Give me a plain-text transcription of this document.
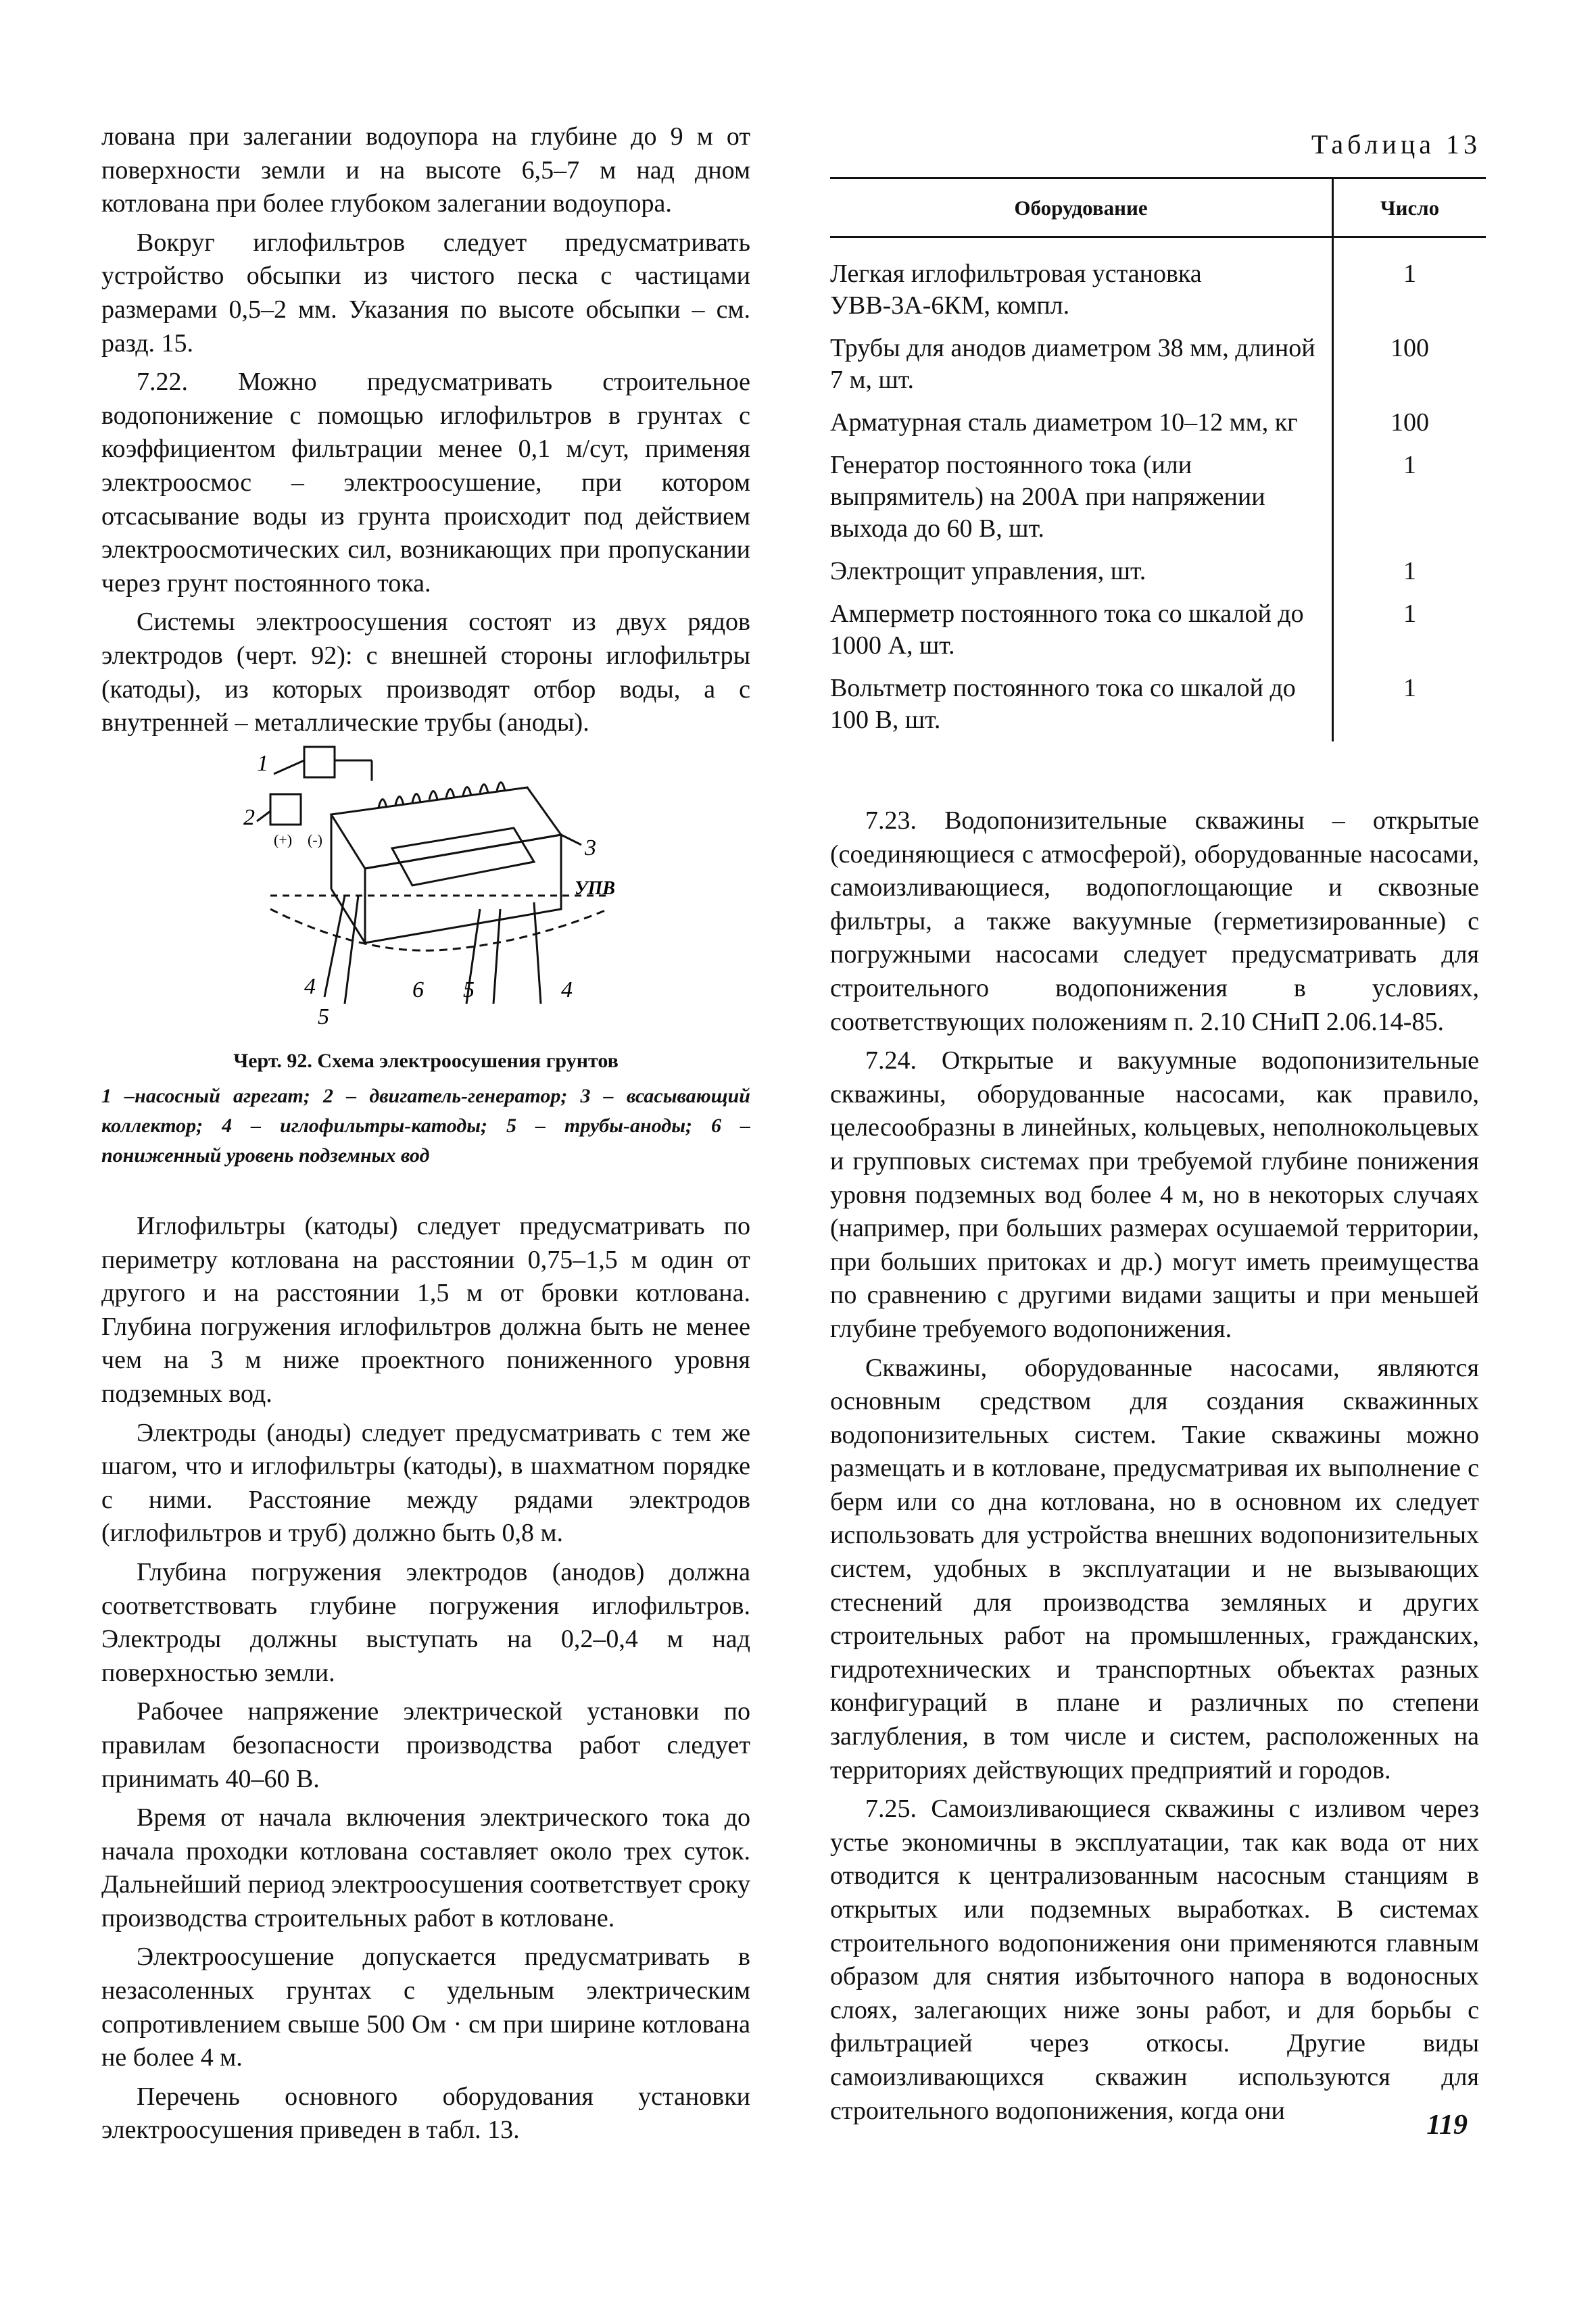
лована при залегании водоупора на глубине до 9 м от поверхности земли и на высоте 6,5–7 м над дном котлована при более глубоком залегании водоупора.

Вокруг иглофильтров следует предусматривать устройство обсыпки из чистого песка с частицами размерами 0,5–2 мм. Указания по высоте обсыпки – см. разд. 15.

7.22. Можно предусматривать строительное водопонижение с помощью иглофильтров в грунтах с коэффициентом фильтрации менее 0,1 м/сут, применяя электроосмос – электроосушение, при котором отсасывание воды из грунта происходит под действием электроосмотических сил, возникающих при пропускании через грунт постоянного тока.

Системы электроосушения состоят из двух рядов электродов (черт. 92): с внешней стороны иглофильтры (катоды), из которых производят отбор воды, а с внутренней – металлические трубы (аноды).

1
2
3
4
5
6 5	4
УПВ
(+) (-)
Черт. 92. Схема электроосушения грунтов
1 –насосный агрегат; 2 – двигатель-генератор; 3 – всасывающий коллектор; 4 – иглофильтры-катоды; 5 – трубы-аноды; 6 – пониженный уровень подземных вод

Иглофильтры (катоды) следует предусматривать по периметру котлована на расстоянии 0,75–1,5 м один от другого и на расстоянии 1,5 м от бровки котлована. Глубина погружения иглофильтров должна быть не менее чем на 3 м ниже проектного пониженного уровня подземных вод.

Электроды (аноды) следует предусматривать с тем же шагом, что и иглофильтры (катоды), в шахматном порядке с ними. Расстояние между рядами электродов (иглофильтров и труб) должно быть 0,8 м.

Глубина погружения электродов (анодов) должна соответствовать глубине погружения иглофильтров. Электроды должны выступать на 0,2–0,4 м над поверхностью земли.

Рабочее напряжение электрической установки по правилам безопасности производства работ следует принимать 40–60 В.

Время от начала включения электрического тока до начала проходки котлована составляет около трех суток. Дальнейший период электроосушения соответствует сроку производства строительных работ в котловане.

Электроосушение допускается предусматривать в незасоленных грунтах с удельным электрическим сопротивлением свыше 500 Ом · см при ширине котлована не более 4 м.

Перечень основного оборудования установки электроосушения приведен в табл. 13.

Таблица 13
Оборудование	Число
Легкая иглофильтровая установка УВВ-3А-6КМ, компл.	1
Трубы для анодов диаметром 38 мм, длиной 7 м, шт.	100
Арматурная сталь диаметром 10–12 мм, кг	100
Генератор постоянного тока (или выпрямитель) на 200А при напряжении выхода до 60 В, шт.	1
Электрощит управления, шт.	1
Амперметр постоянного тока со шкалой до 1000 А, шт.	1
Вольтметр постоянного тока со шкалой до 100 В, шт.	1

7.23. Водопонизительные скважины – открытые (соединяющиеся с атмосферой), оборудованные насосами, самоизливающиеся, водопоглощающие и сквозные фильтры, а также вакуумные (герметизированные) с погружными насосами следует предусматривать для строительного водопонижения в условиях, соответствующих положениям п. 2.10 СНиП 2.06.14-85.

7.24. Открытые и вакуумные водопонизительные скважины, оборудованные насосами, как правило, целесообразны в линейных, кольцевых, неполнокольцевых и групповых системах при требуемой глубине понижения уровня подземных вод более 4 м, но в некоторых случаях (например, при больших размерах осушаемой территории, при больших притоках и др.) могут иметь преимущества по сравнению с другими видами защиты и при меньшей глубине требуемого водопонижения.

Скважины, оборудованные насосами, являются основным средством для создания скважинных водопонизительных систем. Такие скважины можно размещать и в котловане, предусматривая их выполнение с берм или со дна котлована, но в основном их следует использовать для устройства внешних водопонизительных систем, удобных в эксплуатации и не вызывающих стеснений для производства земляных и других строительных работ на промышленных, гражданских, гидротехнических и транспортных объектах разных конфигураций в плане и различных по степени заглубления, в том числе и систем, расположенных на территориях действующих предприятий и городов.

7.25. Самоизливающиеся скважины с изливом через устье экономичны в эксплуатации, так как вода от них отводится к централизованным насосным станциям в открытых или подземных выработках. В системах строительного водопонижения они применяются главным образом для снятия избыточного напора в водоносных слоях, залегающих ниже зоны работ, и для борьбы с фильтрацией через откосы. Другие виды самоизливающихся скважин используются для строительного водопонижения, когда они	119
